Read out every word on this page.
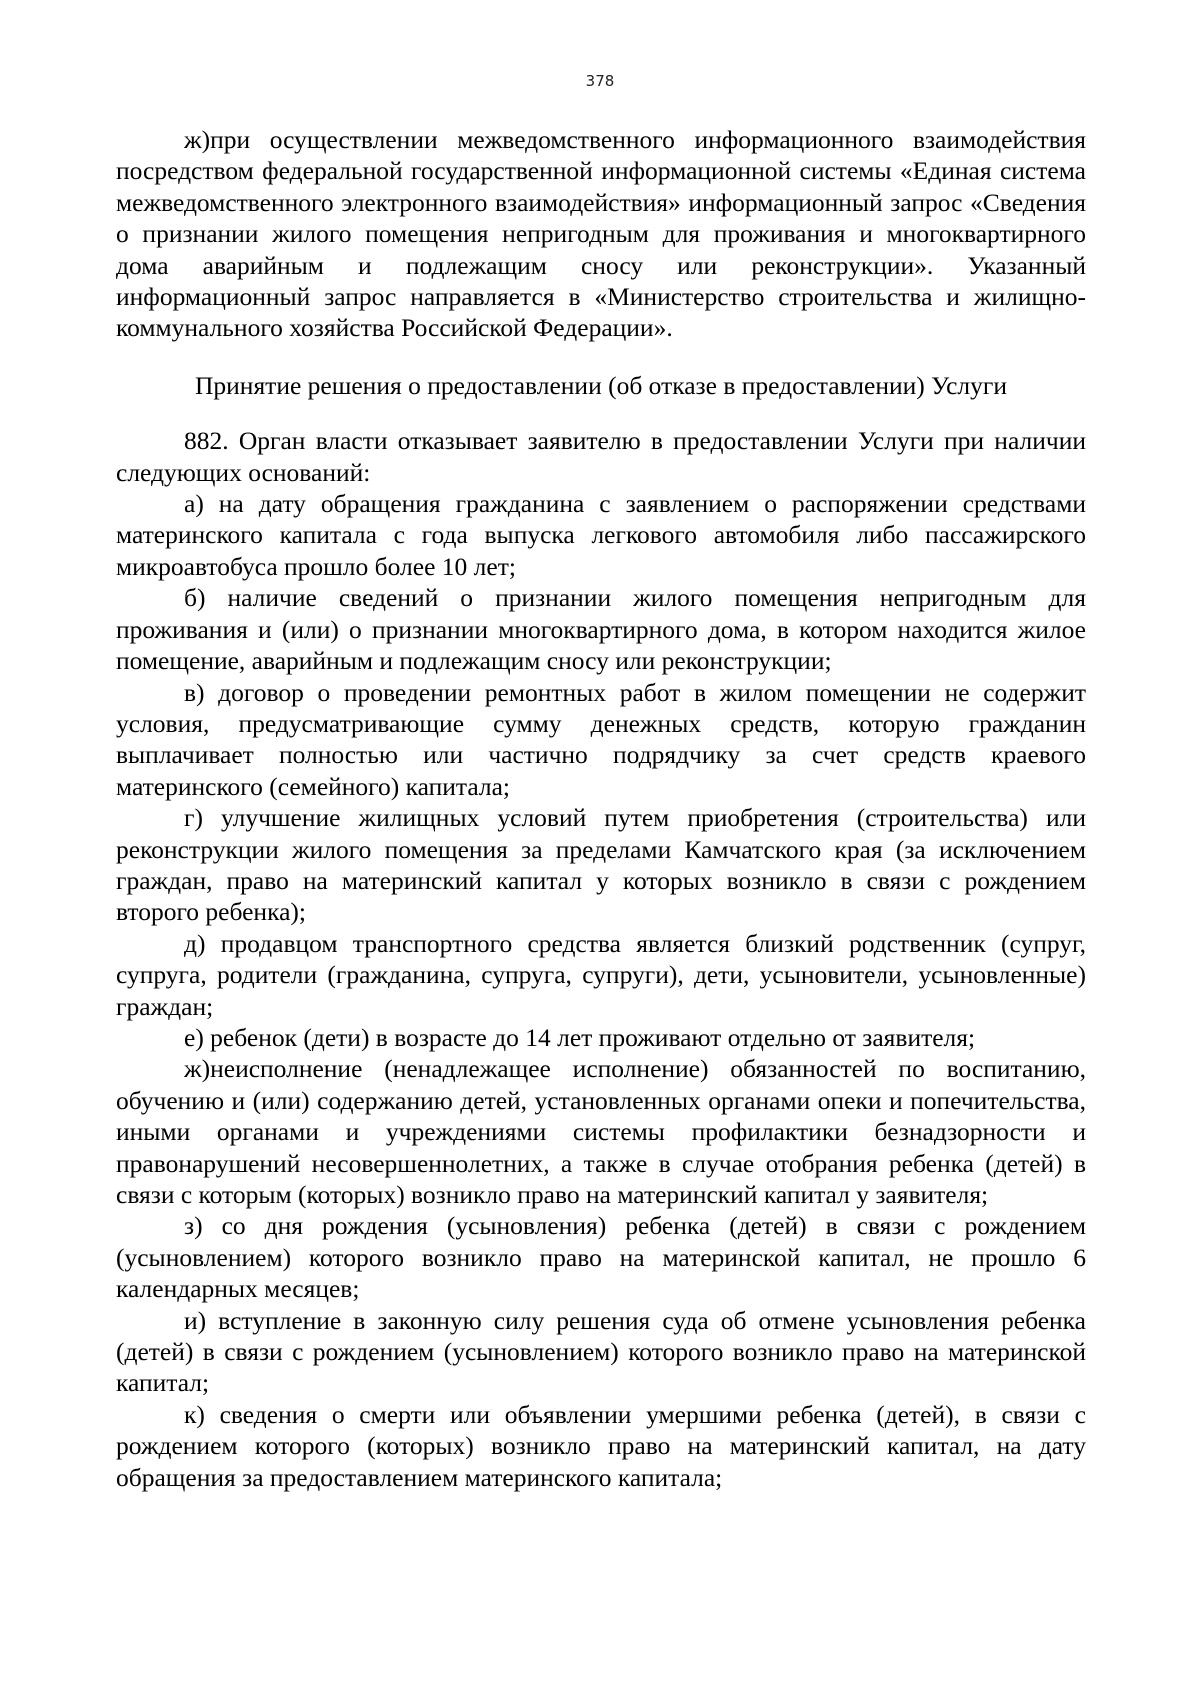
378

ж)при осуществлении межведомственного информационного взаимодействия посредством федеральной государственной информационной системы «Единая система межведомственного электронного взаимодействия» информационный запрос «Сведения о признании жилого помещения непригодным для проживания и многоквартирного дома аварийным и подлежащим сносу или реконструкции». Указанный информационный запрос направляется в «Министерство строительства и жилищно-коммунального хозяйства Российской Федерации».

Принятие решения о предоставлении (об отказе в предоставлении) Услуги

882. Орган власти отказывает заявителю в предоставлении Услуги при наличии следующих оснований:

а) на дату обращения гражданина с заявлением о распоряжении средствами материнского капитала с года выпуска легкового автомобиля либо пассажирского микроавтобуса прошло более 10 лет;

б) наличие сведений о признании жилого помещения непригодным для проживания и (или) о признании многоквартирного дома, в котором находится жилое помещение, аварийным и подлежащим сносу или реконструкции;

в) договор о проведении ремонтных работ в жилом помещении не содержит условия, предусматривающие сумму денежных средств, которую гражданин выплачивает полностью или частично подрядчику за счет средств краевого материнского (семейного) капитала;

г) улучшение жилищных условий путем приобретения (строительства) или реконструкции жилого помещения за пределами Камчатского края (за исключением граждан, право на материнский капитал у которых возникло в связи с рождением второго ребенка);

д) продавцом транспортного средства является близкий родственник (супруг, супруга, родители (гражданина, супруга, супруги), дети, усыновители, усыновленные) граждан;

е) ребенок (дети) в возрасте до 14 лет проживают отдельно от заявителя;

ж)неисполнение (ненадлежащее исполнение) обязанностей по воспитанию, обучению и (или) содержанию детей, установленных органами опеки и попечительства, иными органами и учреждениями системы профилактики безнадзорности и правонарушений несовершеннолетних, а также в случае отобрания ребенка (детей) в связи с которым (которых) возникло право на материнский капитал у заявителя;

з) со дня рождения (усыновления) ребенка (детей) в связи с рождением (усыновлением) которого возникло право на материнской капитал, не прошло 6 календарных месяцев;

и) вступление в законную силу решения суда об отмене усыновления ребенка (детей) в связи с рождением (усыновлением) которого возникло право на материнской капитал;

к) сведения о смерти или объявлении умершими ребенка (детей), в связи с рождением которого (которых) возникло право на материнский капитал, на дату обращения за предоставлением материнского капитала;
